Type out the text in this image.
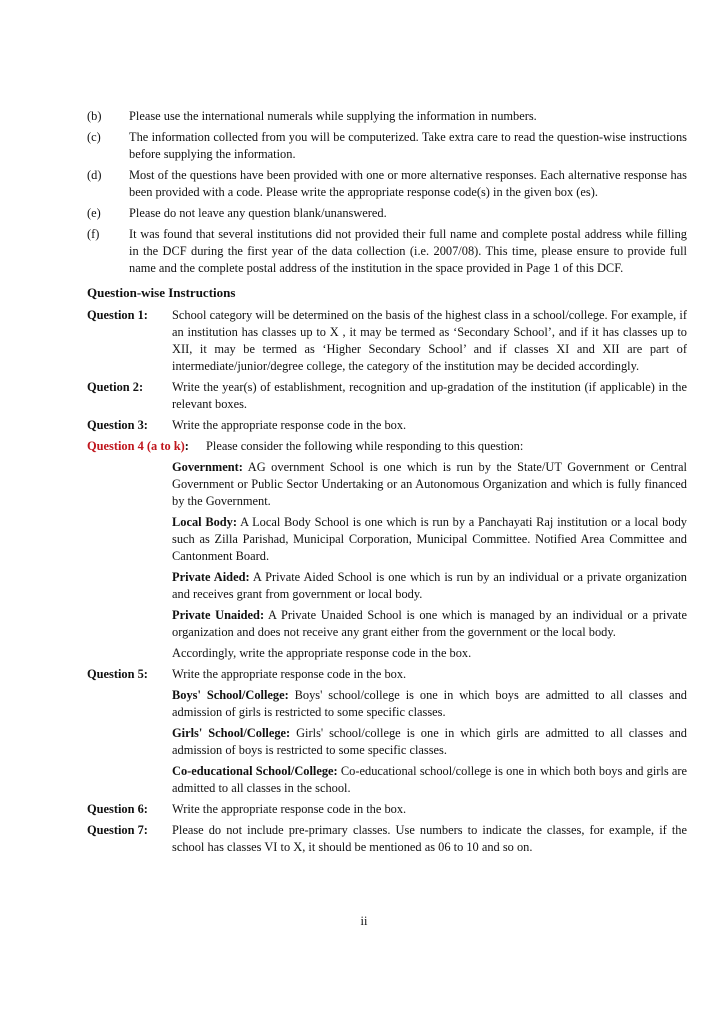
(b)	Please use the international numerals while supplying the information in numbers.
(c)	The information collected from you will be computerized. Take extra care to read the question-wise instructions before supplying the information.
(d)	Most of the questions have been provided with one or more alternative responses. Each alternative response has been provided with a code. Please write the appropriate response code(s) in the given box (es).
(e)	Please do not leave any question blank/unanswered.
(f)	It was found that several institutions did not provided their full name and complete postal address while filling in the DCF during the first year of the data collection (i.e. 2007/08). This time, please ensure to provide full name and the complete postal address of the institution in the space provided in Page 1 of this DCF.
Question-wise Instructions
Question 1:	School category will be determined on the basis of the highest class in a school/college. For example, if an institution has classes up to X , it may be termed as ‘Secondary School’, and if it has classes up to XII, it may be termed as ‘Higher Secondary School’ and if classes XI and XII are part of intermediate/junior/degree college, the category of the institution may be decided accordingly.
Quetion 2:	Write the year(s) of establishment, recognition and up-gradation of the institution (if applicable) in the relevant boxes.
Question 3:	Write the appropriate response code in the box.
Question 4 (a to k): Please consider the following while responding to this question:
Government: AG overnment School is one which is run by the State/UT Government or Central Government or Public Sector Undertaking or an Autonomous Organization and which is fully financed by the Government.
Local Body: A Local Body School is one which is run by a Panchayati Raj institution or a local body such as Zilla Parishad, Municipal Corporation, Municipal Committee. Notified Area Committee and Cantonment Board.
Private Aided: A Private Aided School is one which is run by an individual or a private organization and receives grant from government or local body.
Private Unaided: A Private Unaided School is one which is managed by an individual or a private organization and does not receive any grant either from the government or the local body.
Accordingly, write the appropriate response code in the box.
Question 5:	Write the appropriate response code in the box.
Boys' School/College: Boys' school/college is one in which boys are admitted to all classes and admission of girls is restricted to some specific classes.
Girls' School/College: Girls' school/college is one in which girls are admitted to all classes and admission of boys is restricted to some specific classes.
Co-educational School/College: Co-educational school/college is one in which both boys and girls are admitted to all classes in the school.
Question 6:	Write the appropriate response code in the box.
Question 7:	Please do not include pre-primary classes. Use numbers to indicate the classes, for example, if the school has classes VI to X, it should be mentioned as 06 to 10 and so on.
ii
